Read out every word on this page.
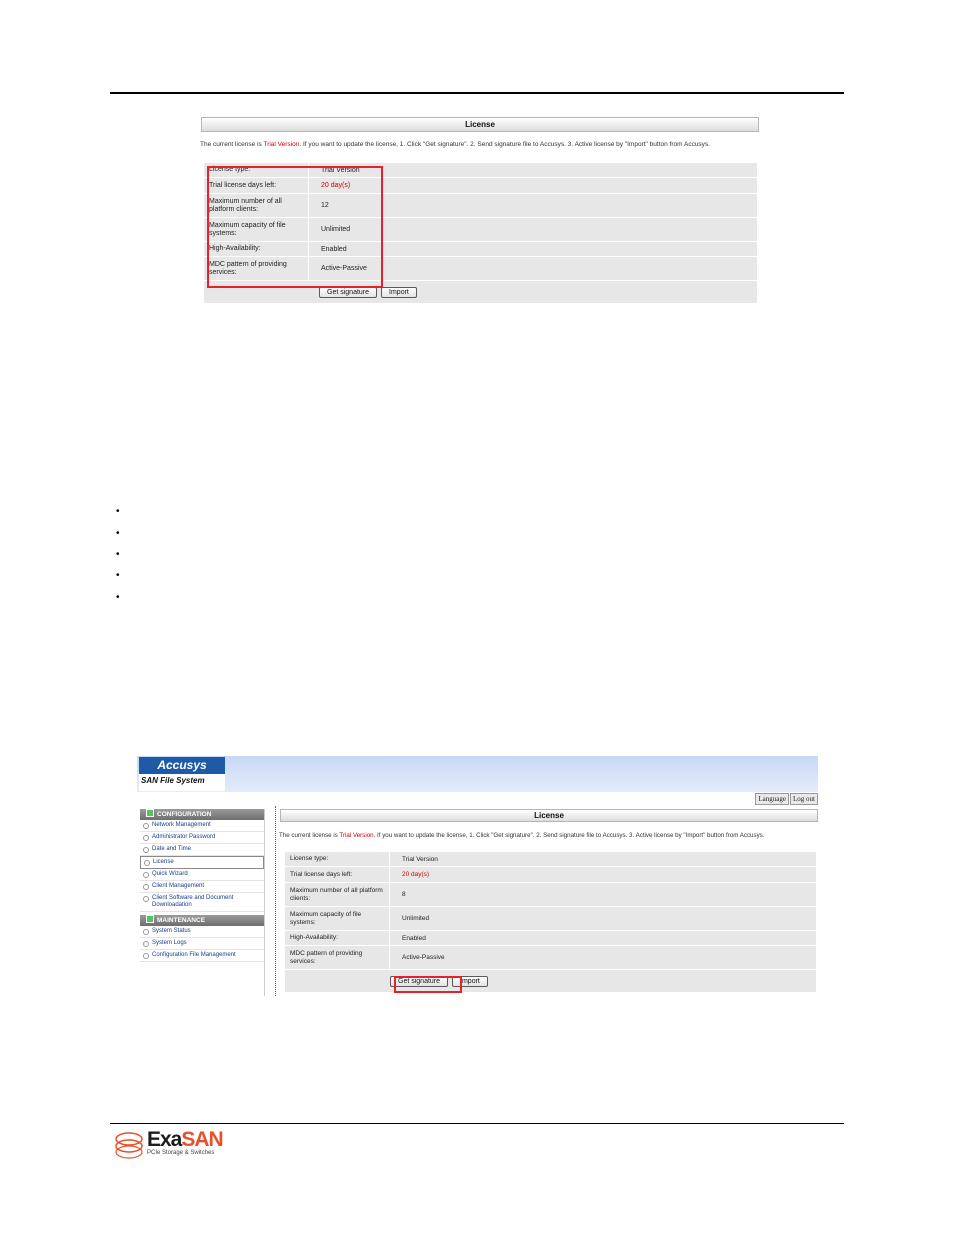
License
The current license is Trial Version. If you want to update the license, 1. Click "Get signature". 2. Send signature file to Accusys. 3. Active license by "Import" button from Accusys.
License type:	Trial Version
Trial license days left:	20 day(s)
Maximum number of all platform clients:	12
Maximum capacity of file systems:	Unlimited
High-Availability:	Enabled
MDC pattern of providing services:	Active-Passive
Get signature	Import
•
•
•
•
•
Accusys
SAN File System
Language	Log out
CONFIGURATION
Network Management
Administrator Password
Date and Time
License
Quick Wizard
Client Management
Client Software and Document Downloadation
MAINTENANCE
System Status
System Logs
Configuration File Management
License
The current license is Trial Version. If you want to update the license, 1. Click "Get signature". 2. Send signature file to Accusys. 3. Active license by "Import" button from Accusys.
License type:	Trial Version
Trial license days left:	20 day(s)
Maximum number of all platform clients:	8
Maximum capacity of file systems:	Unlimited
High-Availability:	Enabled
MDC pattern of providing services:	Active-Passive
Get signature	Import
ExaSAN
PCIe Storage & Switches
